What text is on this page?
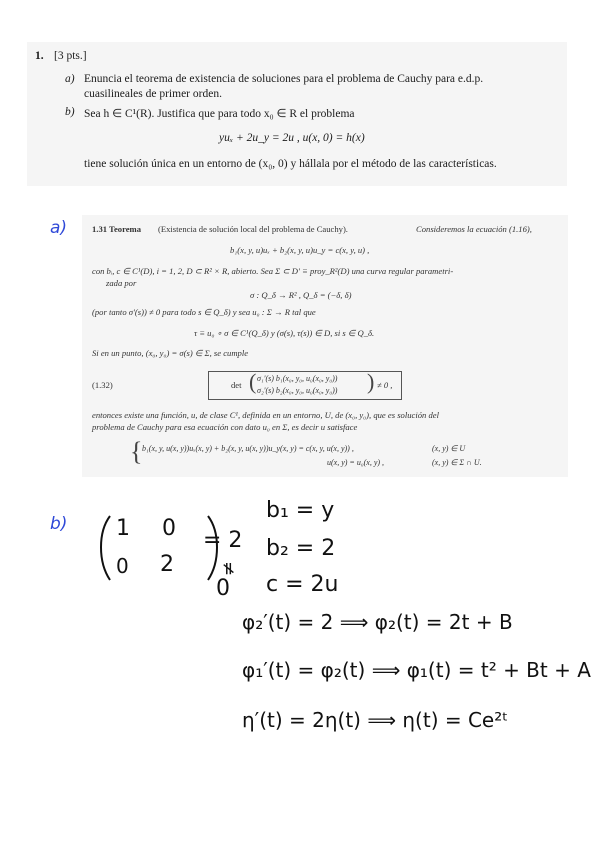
1. [3 pts.]
a) Enuncia el teorema de existencia de soluciones para el problema de Cauchy para e.d.p.
cuasilineales de primer orden.
b) Sea h ∈ C¹(R). Justifica que para todo x₀ ∈ R el problema
yuₓ + 2u_y = 2u , u(x, 0) = h(x)
tiene solución única en un entorno de (x₀, 0) y hállala por el método de las características.
a)	1.31 Teorema (Existencia de solución local del problema de Cauchy).	Consideremos la ecuación (1.16),
b₁(x, y, u)uₓ + b₂(x, y, u)u_y = c(x, y, u) ,
con bᵢ, c ∈ C¹(D), i = 1, 2, D ⊂ R² × R, abierto. Sea Σ ⊂ D′ ≡ proy_R²(D) una curva regular parametri-
zada por
σ : Q_δ → R² , Q_δ = (−δ, δ)
(por tanto σ′(s)) ≠ 0 para todo s ∈ Q_δ) y sea u₀ : Σ → R tal que
τ ≡ u₀ ∘ σ ∈ C¹(Q_δ) y (σ(s), τ(s)) ∈ D, si s ∈ Q_δ.
Si en un punto, (x₀, y₀) = σ(s) ∈ Σ, se cumple
(1.32)	det ( σ₁′(s) b₁(x₀, y₀, u₀(x₀, y₀))
σ₂′(s) b₂(x₀, y₀, u₀(x₀, y₀)) ) ≠ 0 ,
entonces existe una función, u, de clase C¹, definida en un entorno, U, de (x₀, y₀), que es solución del
problema de Cauchy para esa ecuación con dato u₀ en Σ, es decir u satisface
{ b₁(x, y, u(x, y))uₓ(x, y) + b₂(x, y, u(x, y))u_y(x, y) = c(x, y, u(x, y)) ,	(x, y) ∈ U
u(x, y) = u₀(x, y) ,	(x, y) ∈ Σ ∩ U.
b) 1 0
0 2
= 2
≠
0
b₁ = y
b₂ = 2
c = 2u
φ₂′(t) = 2 ⟹ φ₂(t) = 2t + B
φ₁′(t) = φ₂(t) ⟹ φ₁(t) = t² + Bt + A
η′(t) = 2η(t) ⟹ η(t) = Ce²ᵗ
